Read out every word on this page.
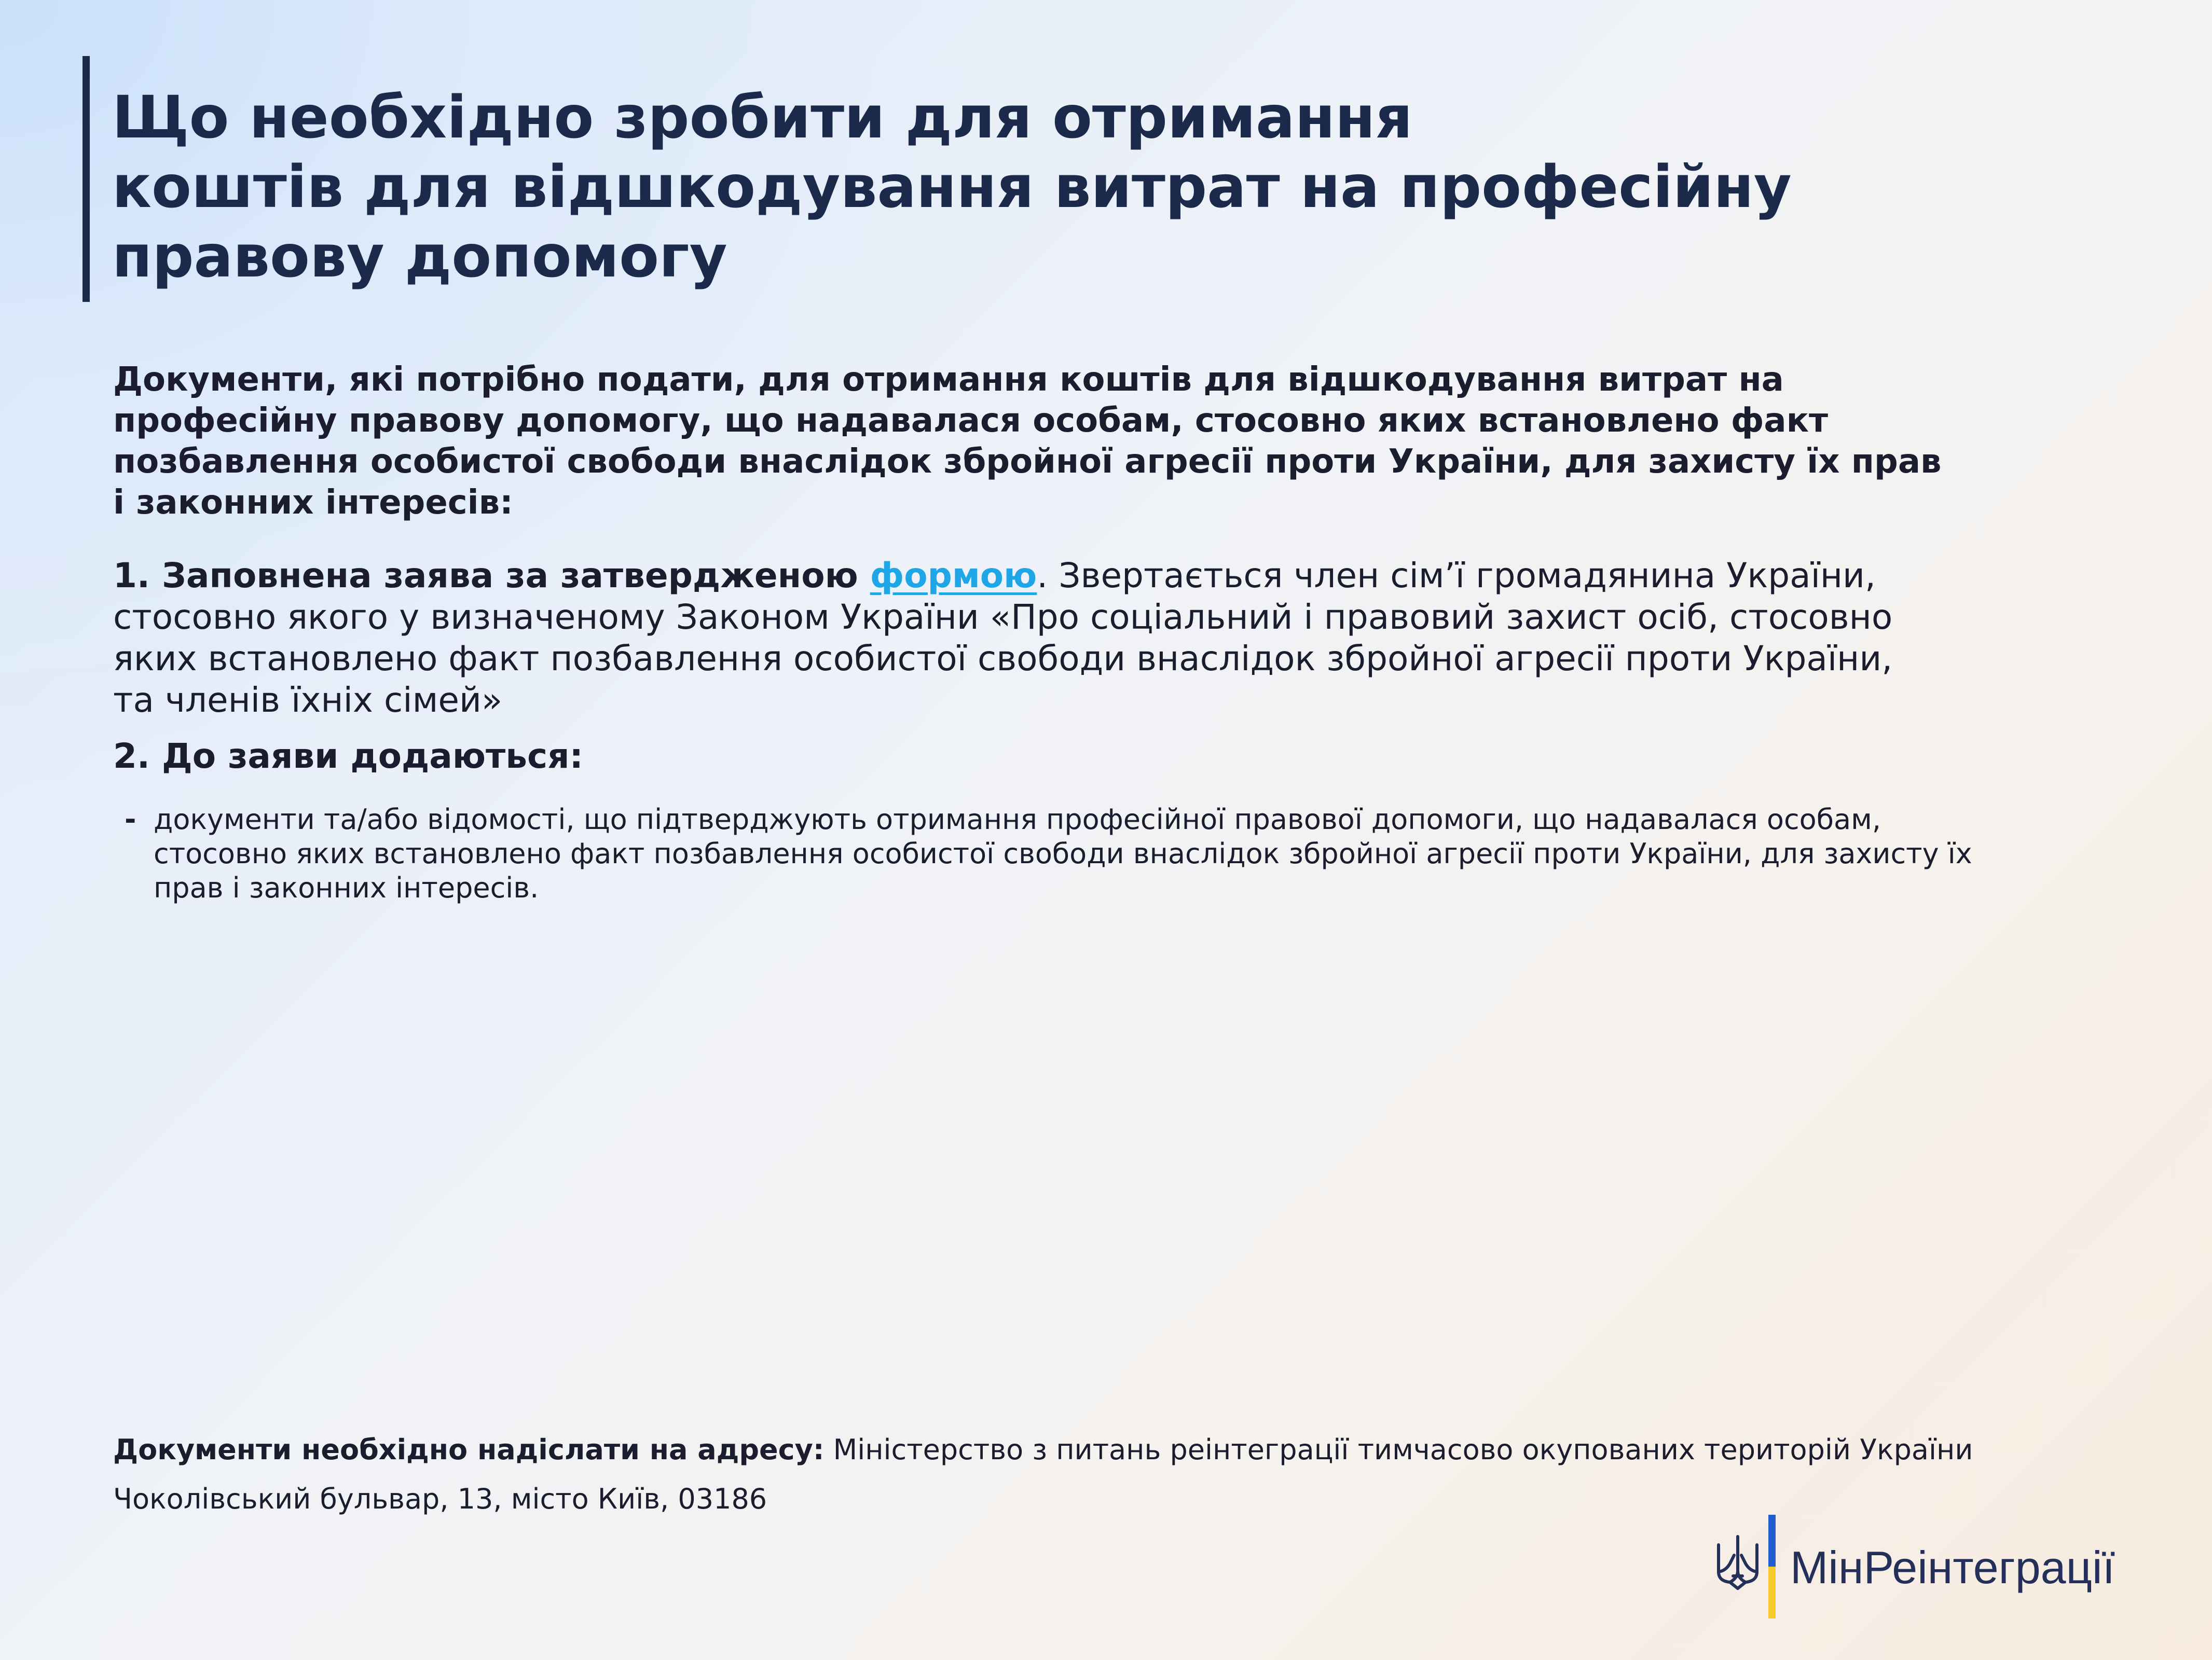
Що необхідно зробити для отримання
коштів для відшкодування витрат на професійну
правову допомогу
Документи, які потрібно подати, для отримання коштів для відшкодування витрат на
професійну правову допомогу, що надавалася особам, стосовно яких встановлено факт
позбавлення особистої свободи внаслідок збройної агресії проти України, для захисту їх прав
і законних інтересів:
1. Заповнена заява за затвердженою формою. Звертається член сім’ї громадянина України,
стосовно якого у визначеному Законом України «Про соціальний і правовий захист осіб, стосовно
яких встановлено факт позбавлення особистої свободи внаслідок збройної агресії проти України,
та членів їхніх сімей»
2. До заяви додаються:
- документи та/або відомості, що підтверджують отримання професійної правової допомоги, що надавалася особам,
стосовно яких встановлено факт позбавлення особистої свободи внаслідок збройної агресії проти України, для захисту їх
прав і законних інтересів.
Документи необхідно надіслати на адресу: Міністерство з питань реінтеграції тимчасово окупованих територій України
Чоколівський бульвар, 13, місто Київ, 03186
МінРеінтеграції
